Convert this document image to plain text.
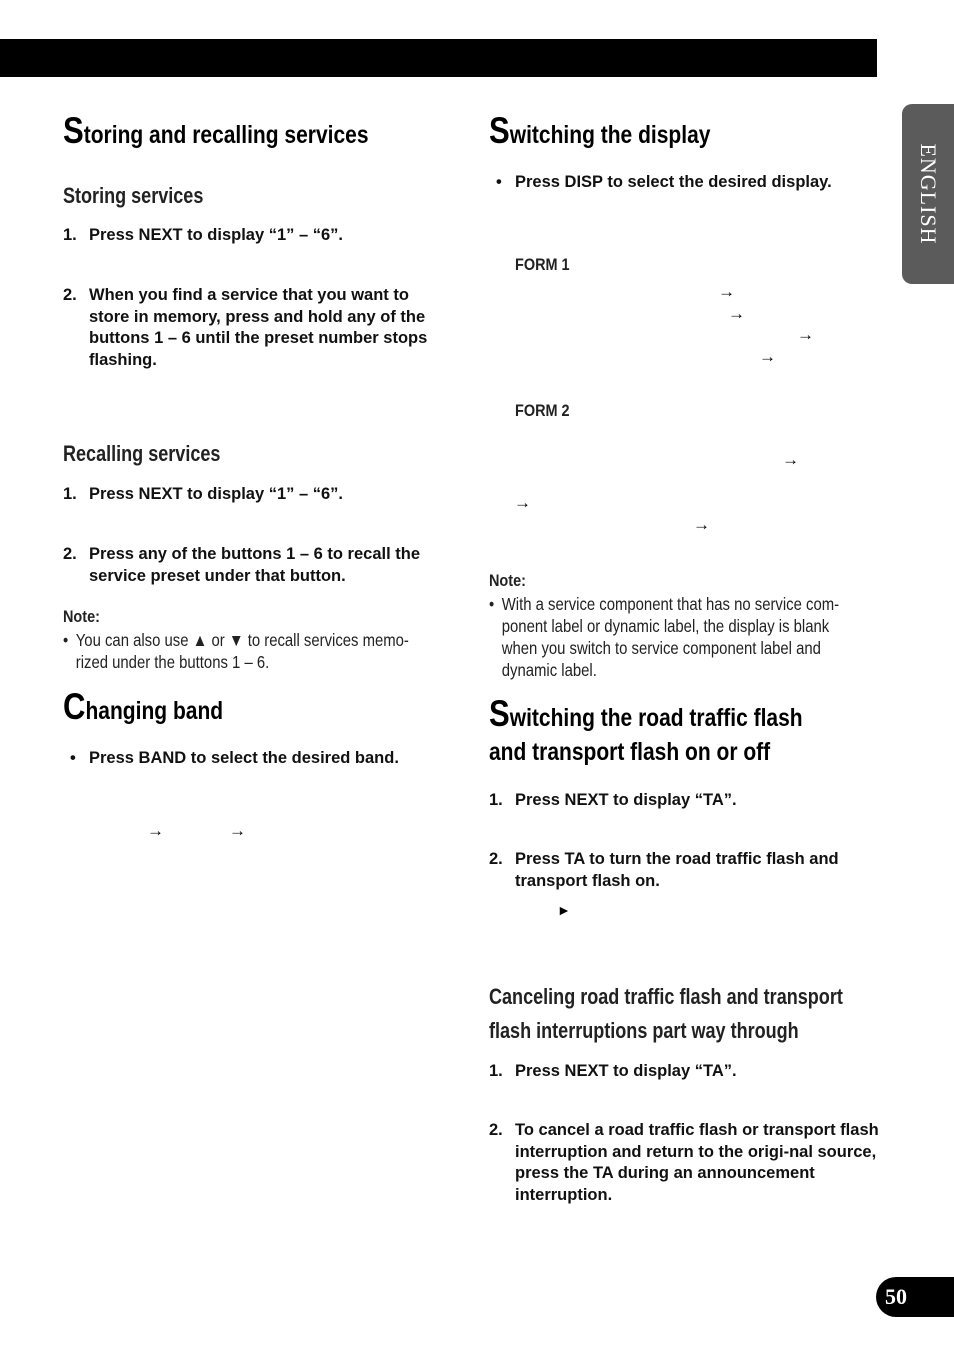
ENGLISH
50
Storing and recalling services
Storing services

1. Press NEXT to display “1” – “6”.

2. When you find a service that you want to store in memory, press and hold any of the buttons 1 – 6 until the preset number stops flashing.

Recalling services

1. Press NEXT to display “1” – “6”.

2. Press any of the buttons 1 – 6 to recall the service preset under that button.

Note:

• You can also use ▲ or ▼ to recall services memo-
rized under the buttons 1 – 6.
Changing band

• Press BAND to select the desired band.

→	→
Switching the display

• Press DISP to select the desired display.

FORM 1

→
→
→
→

FORM 2

→
→
→

Note:

• With a service component that has no service com-
ponent label or dynamic label, the display is blank
when you switch to service component label and
dynamic label.
Switching the road traffic flash
and transport flash on or off

1. Press NEXT to display “TA”.

2. Press TA to turn the road traffic flash and transport flash on.

►
Canceling road traffic flash and transport
flash interruptions part way through

1. Press NEXT to display “TA”.

2. To cancel a road traffic flash or transport flash interruption and return to the origi-nal source, press the TA during an announcement interruption.
